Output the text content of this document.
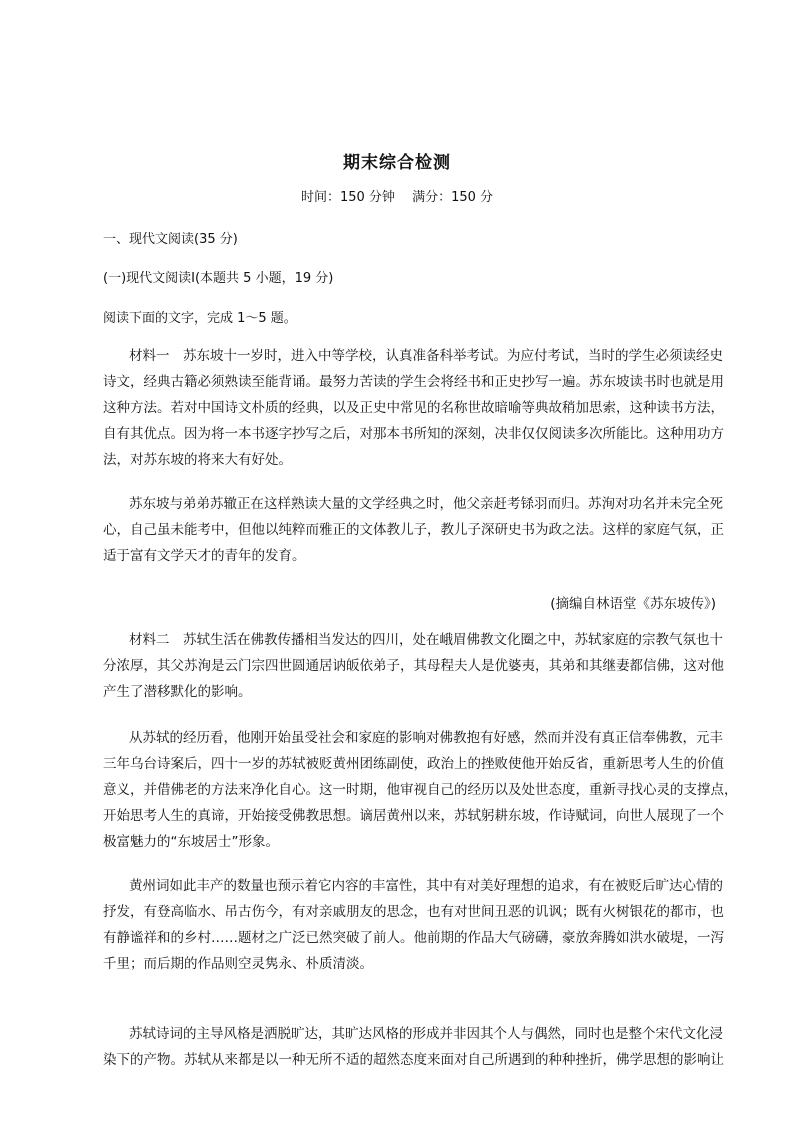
期末综合检测
时间：150 分钟　 满分：150 分
一、现代文阅读(35 分)
(一)现代文阅读Ⅰ(本题共 5 小题，19 分)
阅读下面的文字，完成 1～5 题。
材料一　苏东坡十一岁时，进入中等学校，认真准备科举考试。为应付考试，当时的学生必须读经史
诗文，经典古籍必须熟读至能背诵。最努力苦读的学生会将经书和正史抄写一遍。苏东坡读书时也就是用
这种方法。若对中国诗文朴质的经典，以及正史中常见的名称世故暗喻等典故稍加思索，这种读书方法，
自有其优点。因为将一本书逐字抄写之后，对那本书所知的深刻，决非仅仅阅读多次所能比。这种用功方
法，对苏东坡的将来大有好处。
苏东坡与弟弟苏辙正在这样熟读大量的文学经典之时，他父亲赶考铩羽而归。苏洵对功名并未完全死
心，自己虽未能考中，但他以纯粹而雅正的文体教儿子，教儿子深研史书为政之法。这样的家庭气氛，正
适于富有文学天才的青年的发育。
(摘编自林语堂《苏东坡传》)
材料二　苏轼生活在佛教传播相当发达的四川，处在峨眉佛教文化圈之中，苏轼家庭的宗教气氛也十
分浓厚，其父苏洵是云门宗四世圆通居讷皈依弟子，其母程夫人是优婆夷，其弟和其继妻都信佛，这对他
产生了潜移默化的影响。
从苏轼的经历看，他刚开始虽受社会和家庭的影响对佛教抱有好感，然而并没有真正信奉佛教，元丰
三年乌台诗案后，四十一岁的苏轼被贬黄州团练副使，政治上的挫败使他开始反省，重新思考人生的价值
意义，并借佛老的方法来净化自心。这一时期，他审视自己的经历以及处世态度，重新寻找心灵的支撑点，
开始思考人生的真谛，开始接受佛教思想。谪居黄州以来，苏轼躬耕东坡，作诗赋词，向世人展现了一个
极富魅力的“东坡居士”形象。
黄州词如此丰产的数量也预示着它内容的丰富性，其中有对美好理想的追求，有在被贬后旷达心情的
抒发，有登高临水、吊古伤今，有对亲戚朋友的思念，也有对世间丑恶的讥讽；既有火树银花的都市，也
有静谧祥和的乡村……题材之广泛已然突破了前人。他前期的作品大气磅礴，豪放奔腾如洪水破堤，一泻
千里；而后期的作品则空灵隽永、朴质清淡。
苏轼诗词的主导风格是洒脱旷达，其旷达风格的形成并非因其个人与偶然，同时也是整个宋代文化浸
染下的产物。苏轼从来都是以一种无所不适的超然态度来面对自己所遇到的种种挫折，佛学思想的影响让
